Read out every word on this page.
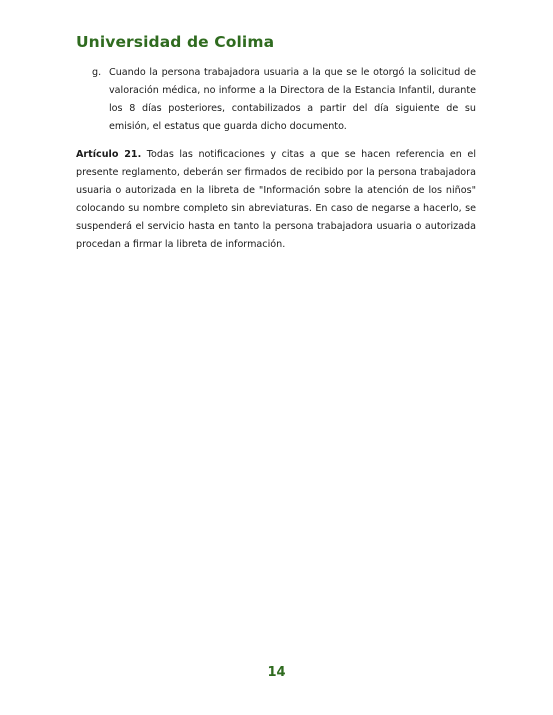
Universidad de Colima
g. Cuando la persona trabajadora usuaria a la que se le otorgó la solicitud de valoración médica, no informe a la Directora de la Estancia Infantil, durante los 8 días posteriores, contabilizados a partir del día siguiente de su emisión, el estatus que guarda dicho documento.
Artículo 21. Todas las notificaciones y citas a que se hacen referencia en el presente reglamento, deberán ser firmados de recibido por la persona trabajadora usuaria o autorizada en la libreta de "Información sobre la atención de los niños" colocando su nombre completo sin abreviaturas. En caso de negarse a hacerlo, se suspenderá el servicio hasta en tanto la persona trabajadora usuaria o autorizada procedan a firmar la libreta de información.
14
